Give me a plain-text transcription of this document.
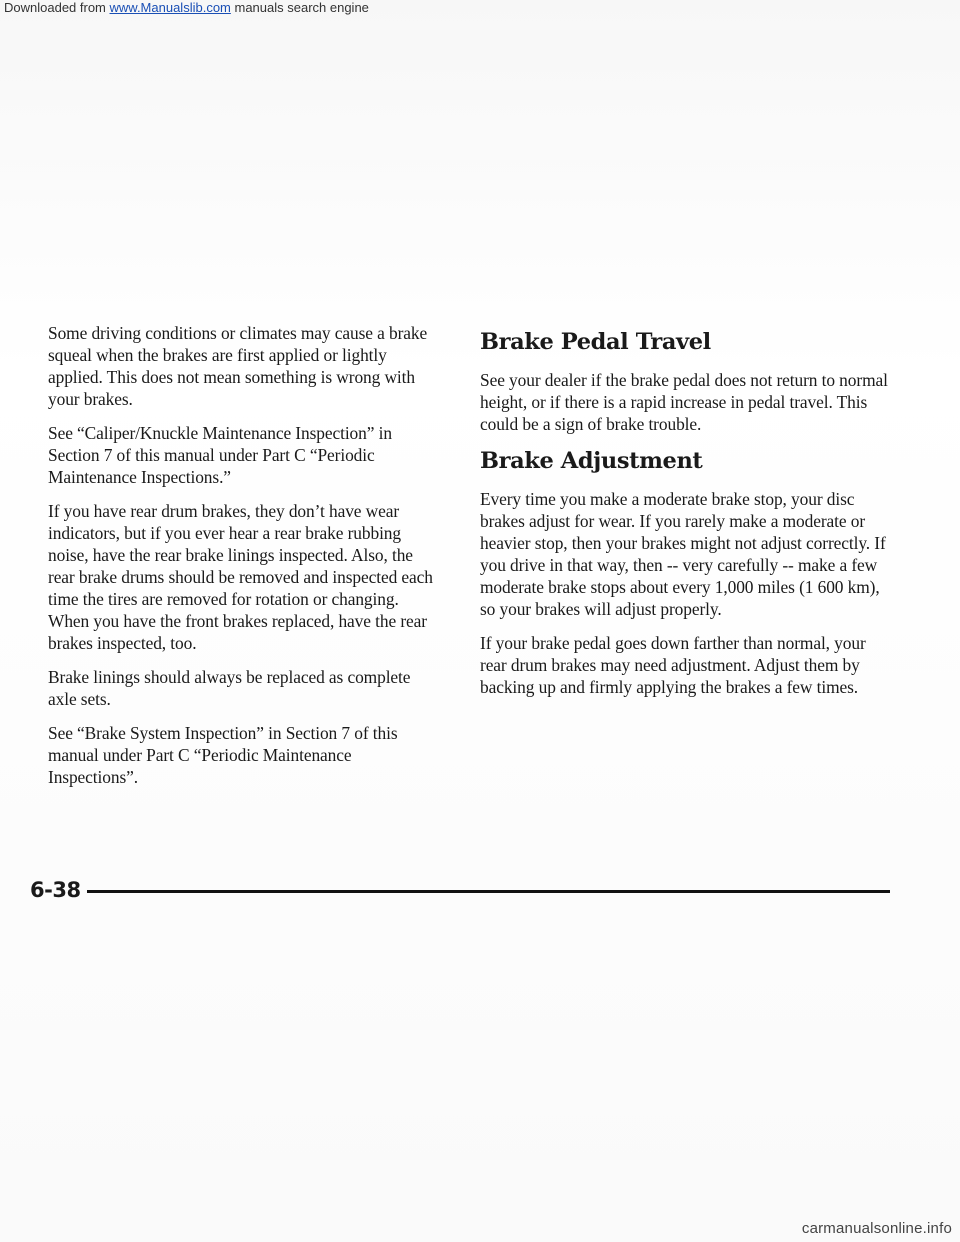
Downloaded from www.Manualslib.com manuals search engine

Some driving conditions or climates may cause a brake squeal when the brakes are first applied or lightly applied. This does not mean something is wrong with your brakes.

See “Caliper/Knuckle Maintenance Inspection” in Section 7 of this manual under Part C “Periodic Maintenance Inspections.”

If you have rear drum brakes, they don’t have wear indicators, but if you ever hear a rear brake rubbing noise, have the rear brake linings inspected. Also, the rear brake drums should be removed and inspected each time the tires are removed for rotation or changing. When you have the front brakes replaced, have the rear brakes inspected, too.

Brake linings should always be replaced as complete axle sets.

See “Brake System Inspection” in Section 7 of this manual under Part C “Periodic Maintenance Inspections”.

Brake Pedal Travel

See your dealer if the brake pedal does not return to normal height, or if there is a rapid increase in pedal travel. This could be a sign of brake trouble.

Brake Adjustment

Every time you make a moderate brake stop, your disc brakes adjust for wear. If you rarely make a moderate or heavier stop, then your brakes might not adjust correctly. If you drive in that way, then -- very carefully -- make a few moderate brake stops about every 1,000 miles (1 600 km), so your brakes will adjust properly.

If your brake pedal goes down farther than normal, your rear drum brakes may need adjustment. Adjust them by backing up and firmly applying the brakes a few times.

6-38
carmanualsonline.info
